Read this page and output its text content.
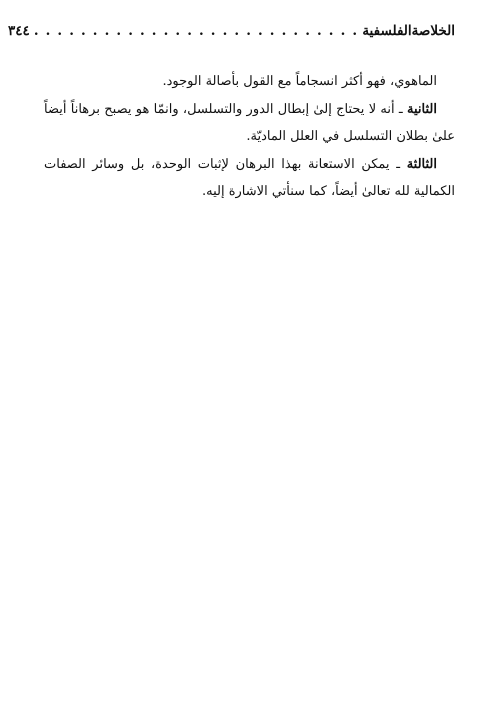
الخلاصةالفلسفية
. . . . . . . . . . . . . . . . . . . . . . . . . . . .
٣٤٤

الماهوي، فهو أكثر انسجاماً مع القول بأصالة الوجود.

الثانية ـ أنه لا يحتاج إلىٰ إبطال الدور والتسلسل، وانمّا هو يصبح برهاناً أيضاً علىٰ بطلان التسلسل في العلل الماديّة.

الثالثة ـ يمكن الاستعانة بهذا البرهان لإثبات الوحدة، بل وسائر الصفات الكمالية لله تعالىٰ أيضاً، كما سنأتي الاشارة إليه.
